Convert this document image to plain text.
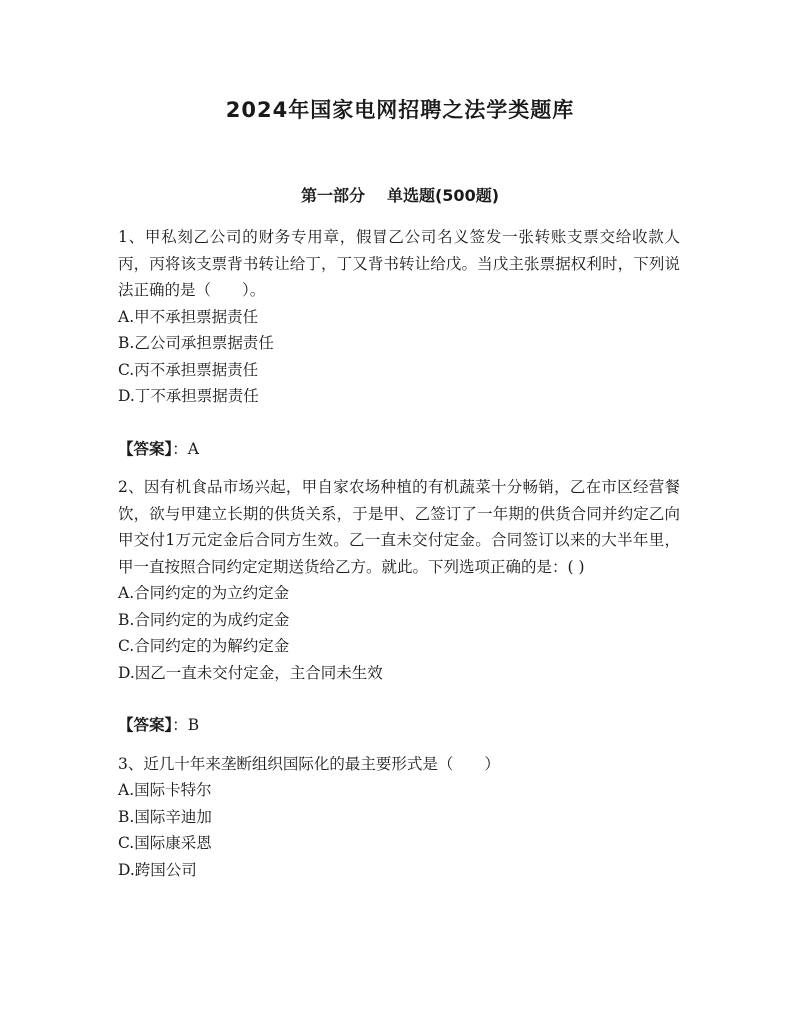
2024年国家电网招聘之法学类题库
第一部分 单选题(500题)

1、甲私刻乙公司的财务专用章，假冒乙公司名义签发一张转账支票交给收款人丙，丙将该支票背书转让给丁，丁又背书转让给戊。当戊主张票据权利时，下列说法正确的是（　　）。

A.甲不承担票据责任

B.乙公司承担票据责任

C.丙不承担票据责任

D.丁不承担票据责任

【答案】：A

2、因有机食品市场兴起，甲自家农场种植的有机蔬菜十分畅销，乙在市区经营餐饮，欲与甲建立长期的供货关系，于是甲、乙签订了一年期的供货合同并约定乙向甲交付1万元定金后合同方生效。乙一直未交付定金。合同签订以来的大半年里，甲一直按照合同约定定期送货给乙方。就此。下列选项正确的是：( )

A.合同约定的为立约定金

B.合同约定的为成约定金

C.合同约定的为解约定金

D.因乙一直未交付定金，主合同未生效

【答案】：B

3、近几十年来垄断组织国际化的最主要形式是（　　）

A.国际卡特尔

B.国际辛迪加

C.国际康采恩

D.跨国公司
